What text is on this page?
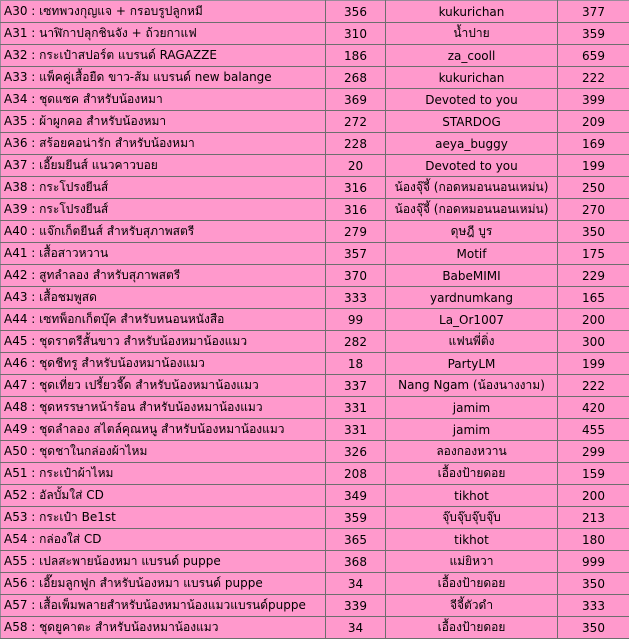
A30 : เซทพวงกุญแจ + กรอบรูปลูกหมี	356	kukurichan	377
A31 : นาฬิกาปลุกชินจัง + ถ้วยกาแฟ	310	น้ำปาย	359
A32 : กระเป๋าสปอร์ต แบรนด์ RAGAZZE	186	za_cooll	659
A33 : แพ็คคู่เสื้อยืด ขาว-ส้ม แบรนด์ new balange	268	kukurichan	222
A34 : ชุดแซค สำหรับน้องหมา	369	Devoted to you	399
A35 : ผ้าผูกคอ สำหรับน้องหมา	272	STARDOG	209
A36 : สร้อยคอน่ารัก สำหรับน้องหมา	228	aeya_buggy	169
A37 : เอี๊ยมยีนส์ แนวคาวบอย	20	Devoted to you	199
A38 : กระโปรงยีนส์	316	น้องจุ๊จี้ (กอดหมอนนอนเหม่น)	250
A39 : กระโปรงยีนส์	316	น้องจุ๊จี้ (กอดหมอนนอนเหม่น)	270
A40 : แจ๊กเก็ตยีนส์ สำหรับสุภาพสตรี	279	ดุษฎี บูร	350
A41 : เสื้อสาวหวาน	357	Motif	175
A42 : สูทลำลอง สำหรับสุภาพสตรี	370	BabeMIMI	229
A43 : เสื้อชมพูสด	333	yardnumkang	165
A44 : เซทพ็อกเก็ตบุ๊ค สำหรับหนอนหนังสือ	99	La_Or1007	200
A45 : ชุดราตรีสั้นขาว สำหรับน้องหมาน้องแมว	282	แฟนพี่ติ่ง	300
A46 : ชุดชีทรู สำหรับน้องหมาน้องแมว	18	PartyLM	199
A47 : ชุดเที่ยว เปรี้ยวจี๊ด สำหรับน้องหมาน้องแมว	337	Nang Ngam (น้องนางงาม)	222
A48 : ชุดหรรษาหน้าร้อน สำหรับน้องหมาน้องแมว	331	jamim	420
A49 : ชุดลำลอง สไตล์คุณหนู สำหรับน้องหมาน้องแมว	331	jamim	455
A50 : ชุดชาในกล่องผ้าไหม	326	ลองกองหวาน	299
A51 : กระเป๋าผ้าไหม	208	เอื้องป้ายดอย	159
A52 : อัลบั้มใส่ CD	349	tikhot	200
A53 : กระเป๋า Be1st	359	จุ๊บจุ๊บจุ๊บจุ๊บ	213
A54 : กล่องใส่ CD	365	tikhot	180
A55 : เปลสะพายน้องหมา แบรนด์ puppe	368	แม่ยิหวา	999
A56 : เอี๊ยมลูกฟูก สำหรับน้องหมา แบรนด์ puppe	34	เอื้องป้ายดอย	350
A57 : เสื้อเพ็มพลายสำหรับน้องหมาน้องแมวแบรนด์puppe	339	จีจี้ตัวดำ	333
A58 : ชุดยูคาตะ สำหรับน้องหมาน้องแมว	34	เอื้องป้ายดอย	350
